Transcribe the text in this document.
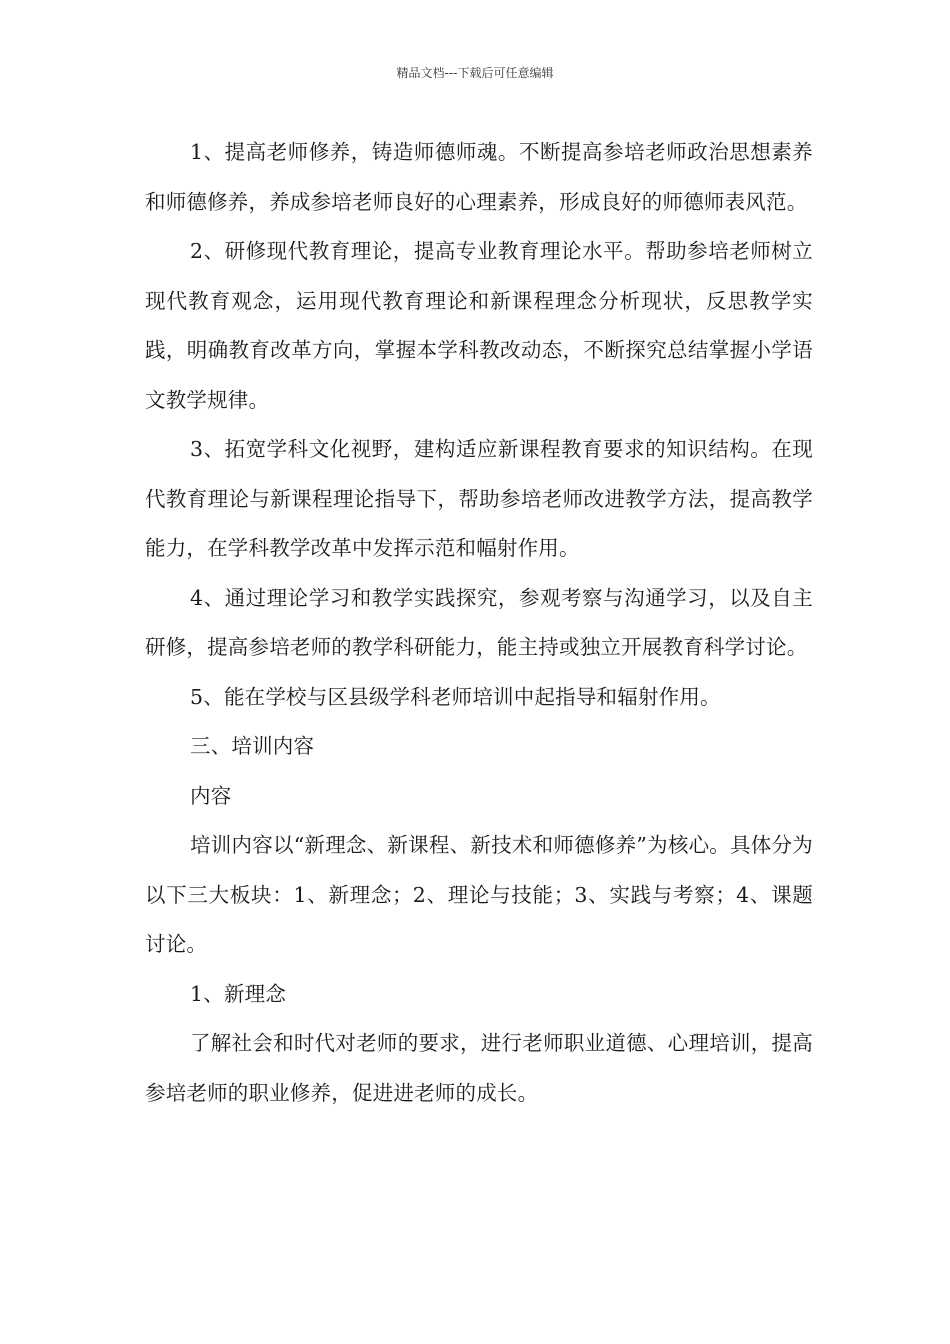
精品文档---下载后可任意编辑

1、提高老师修养，铸造师德师魂。不断提高参培老师政治思想素养和师德修养，养成参培老师良好的心理素养，形成良好的师德师表风范。

2、研修现代教育理论，提高专业教育理论水平。帮助参培老师树立现代教育观念，运用现代教育理论和新课程理念分析现状，反思教学实践，明确教育改革方向，掌握本学科教改动态，不断探究总结掌握小学语文教学规律。

3、拓宽学科文化视野，建构适应新课程教育要求的知识结构。在现代教育理论与新课程理论指导下，帮助参培老师改进教学方法，提高教学能力，在学科教学改革中发挥示范和幅射作用。

4、通过理论学习和教学实践探究，参观考察与沟通学习，以及自主研修，提高参培老师的教学科研能力，能主持或独立开展教育科学讨论。

5、能在学校与区县级学科老师培训中起指导和辐射作用。

三、培训内容

内容

培训内容以“新理念、新课程、新技术和师德修养”为核心。具体分为以下三大板块：1、新理念；2、理论与技能；3、实践与考察；4、课题讨论。

1、新理念

了解社会和时代对老师的要求，进行老师职业道德、心理培训，提高参培老师的职业修养，促进进老师的成长。
